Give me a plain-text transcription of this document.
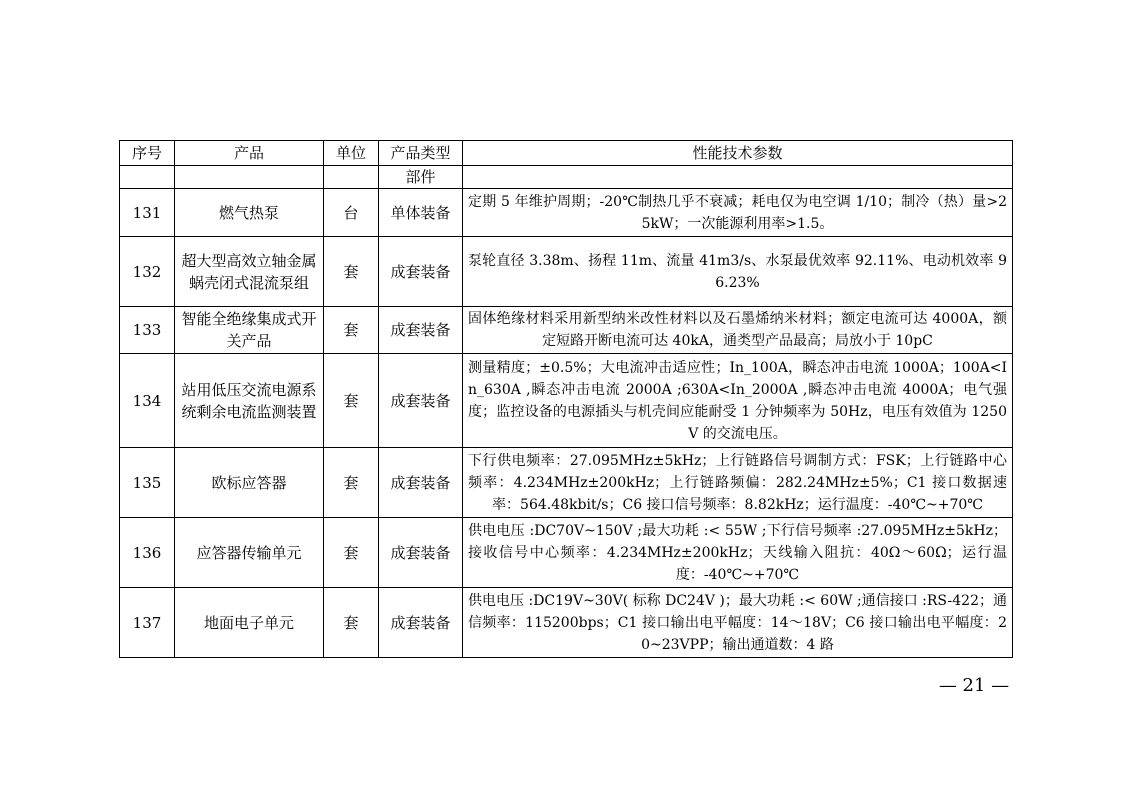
序号	产品	单位	产品类型	性能技术参数
			部件	
131	燃气热泵	台	单体装备	定期 5 年维护周期；-20℃制热几乎不衰减；耗电仅为电空调 1/10；制冷（热）量>25kW；一次能源利用率>1.5。
132	超大型高效立轴金属蜗壳闭式混流泵组	套	成套装备	泵轮直径 3.38m、扬程 11m、流量 41m3/s、水泵最优效率 92.11%、电动机效率 96.23%
133	智能全绝缘集成式开关产品	套	成套装备	固体绝缘材料采用新型纳米改性材料以及石墨烯纳米材料；额定电流可达 4000A，额定短路开断电流可达 40kA，通类型产品最高；局放小于 10pC
134	站用低压交流电源系统剩余电流监测装置	套	成套装备	测量精度；±0.5%；大电流冲击适应性；In_100A，瞬态冲击电流 1000A；100A<In_630A ,瞬态冲击电流 2000A ;630A<In_2000A ,瞬态冲击电流 4000A；电气强度；监控设备的电源插头与机壳间应能耐受 1 分钟频率为 50Hz，电压有效值为 1250V 的交流电压。
135	欧标应答器	套	成套装备	下行供电频率：27.095MHz±5kHz；上行链路信号调制方式：FSK；上行链路中心频率：4.234MHz±200kHz；上行链路频偏：282.24MHz±5%；C1 接口数据速率：564.48kbit/s；C6 接口信号频率：8.82kHz；运行温度：-40℃~+70℃
136	应答器传输单元	套	成套装备	供电电压 :DC70V~150V ;最大功耗 :< 55W ;下行信号频率 :27.095MHz±5kHz；接收信号中心频率：4.234MHz±200kHz；天线输入阻抗：40Ω～60Ω；运行温度：-40℃~+70℃
137	地面电子单元	套	成套装备	供电电压 :DC19V~30V( 标称 DC24V )；最大功耗 :< 60W ;通信接口 :RS-422；通信频率：115200bps；C1 接口输出电平幅度：14～18V；C6 接口输出电平幅度：20~23VPP；输出通道数：4 路
— 21 —
